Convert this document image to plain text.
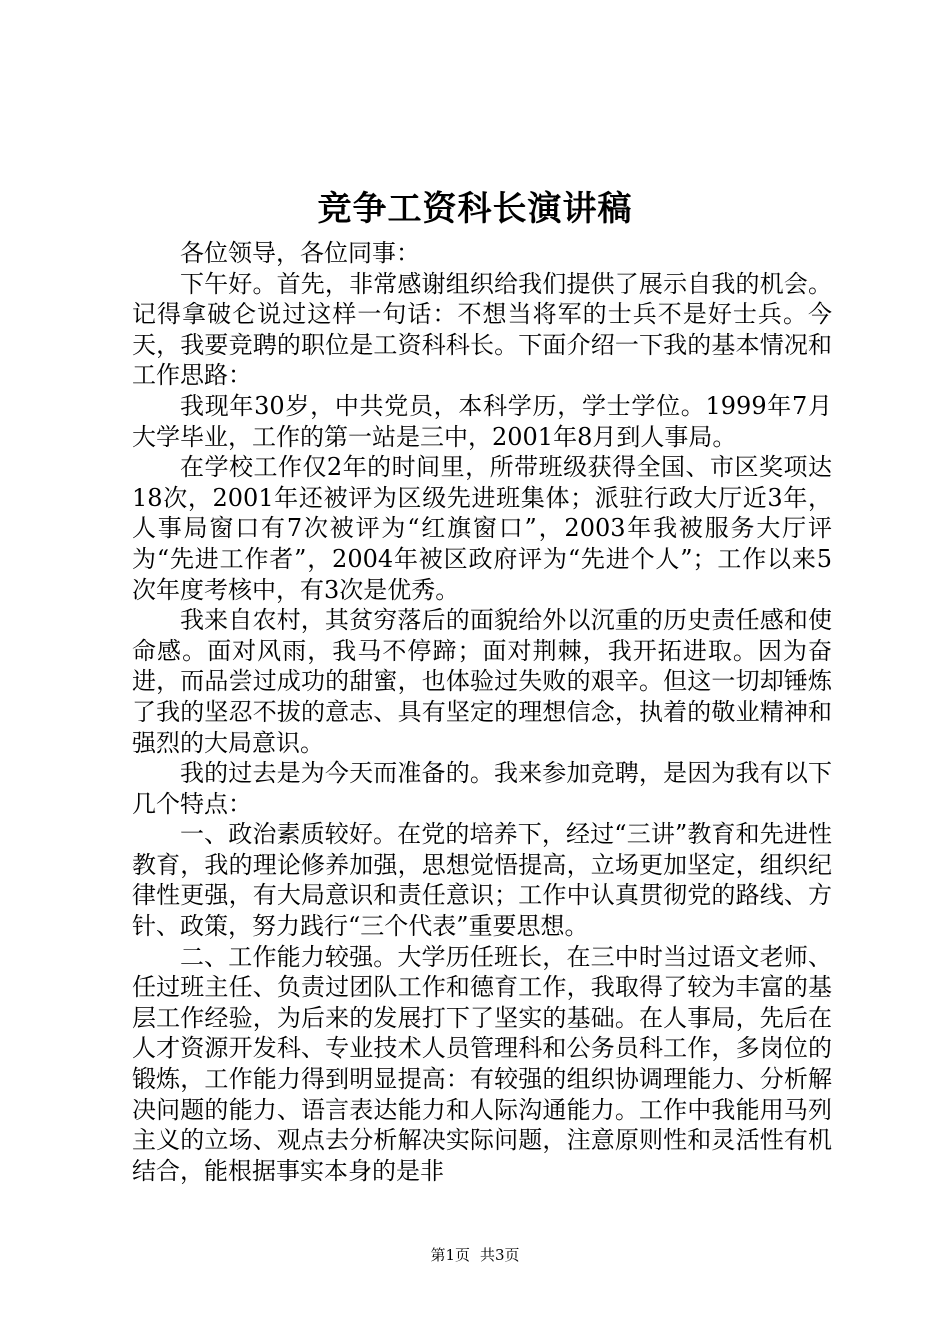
竞争工资科长演讲稿

各位领导，各位同事：

下午好。首先，非常感谢组织给我们提供了展示自我的机会。记得拿破仑说过这样一句话：不想当将军的士兵不是好士兵。今天，我要竞聘的职位是工资科科长。下面介绍一下我的基本情况和工作思路：

我现年30岁，中共党员，本科学历，学士学位。1999年7月大学毕业，工作的第一站是三中，2001年8月到人事局。

在学校工作仅2年的时间里，所带班级获得全国、市区奖项达18次，2001年还被评为区级先进班集体；派驻行政大厅近3年，人事局窗口有7次被评为“红旗窗口”，2003年我被服务大厅评为“先进工作者”，2004年被区政府评为“先进个人”；工作以来5次年度考核中，有3次是优秀。

我来自农村，其贫穷落后的面貌给外以沉重的历史责任感和使命感。面对风雨，我马不停蹄；面对荆棘，我开拓进取。因为奋进，而品尝过成功的甜蜜，也体验过失败的艰辛。但这一切却锤炼了我的坚忍不拔的意志、具有坚定的理想信念，执着的敬业精神和强烈的大局意识。

我的过去是为今天而准备的。我来参加竞聘，是因为我有以下几个特点：

一、政治素质较好。在党的培养下，经过“三讲”教育和先进性教育，我的理论修养加强，思想觉悟提高，立场更加坚定，组织纪律性更强，有大局意识和责任意识；工作中认真贯彻党的路线、方针、政策，努力践行“三个代表”重要思想。

二、工作能力较强。大学历任班长，在三中时当过语文老师、任过班主任、负责过团队工作和德育工作，我取得了较为丰富的基层工作经验，为后来的发展打下了坚实的基础。在人事局，先后在人才资源开发科、专业技术人员管理科和公务员科工作，多岗位的锻炼，工作能力得到明显提高：有较强的组织协调理能力、分析解决问题的能力、语言表达能力和人际沟通能力。工作中我能用马列主义的立场、观点去分析解决实际问题，注意原则性和灵活性有机结合，能根据事实本身的是非

第1页 共3页
